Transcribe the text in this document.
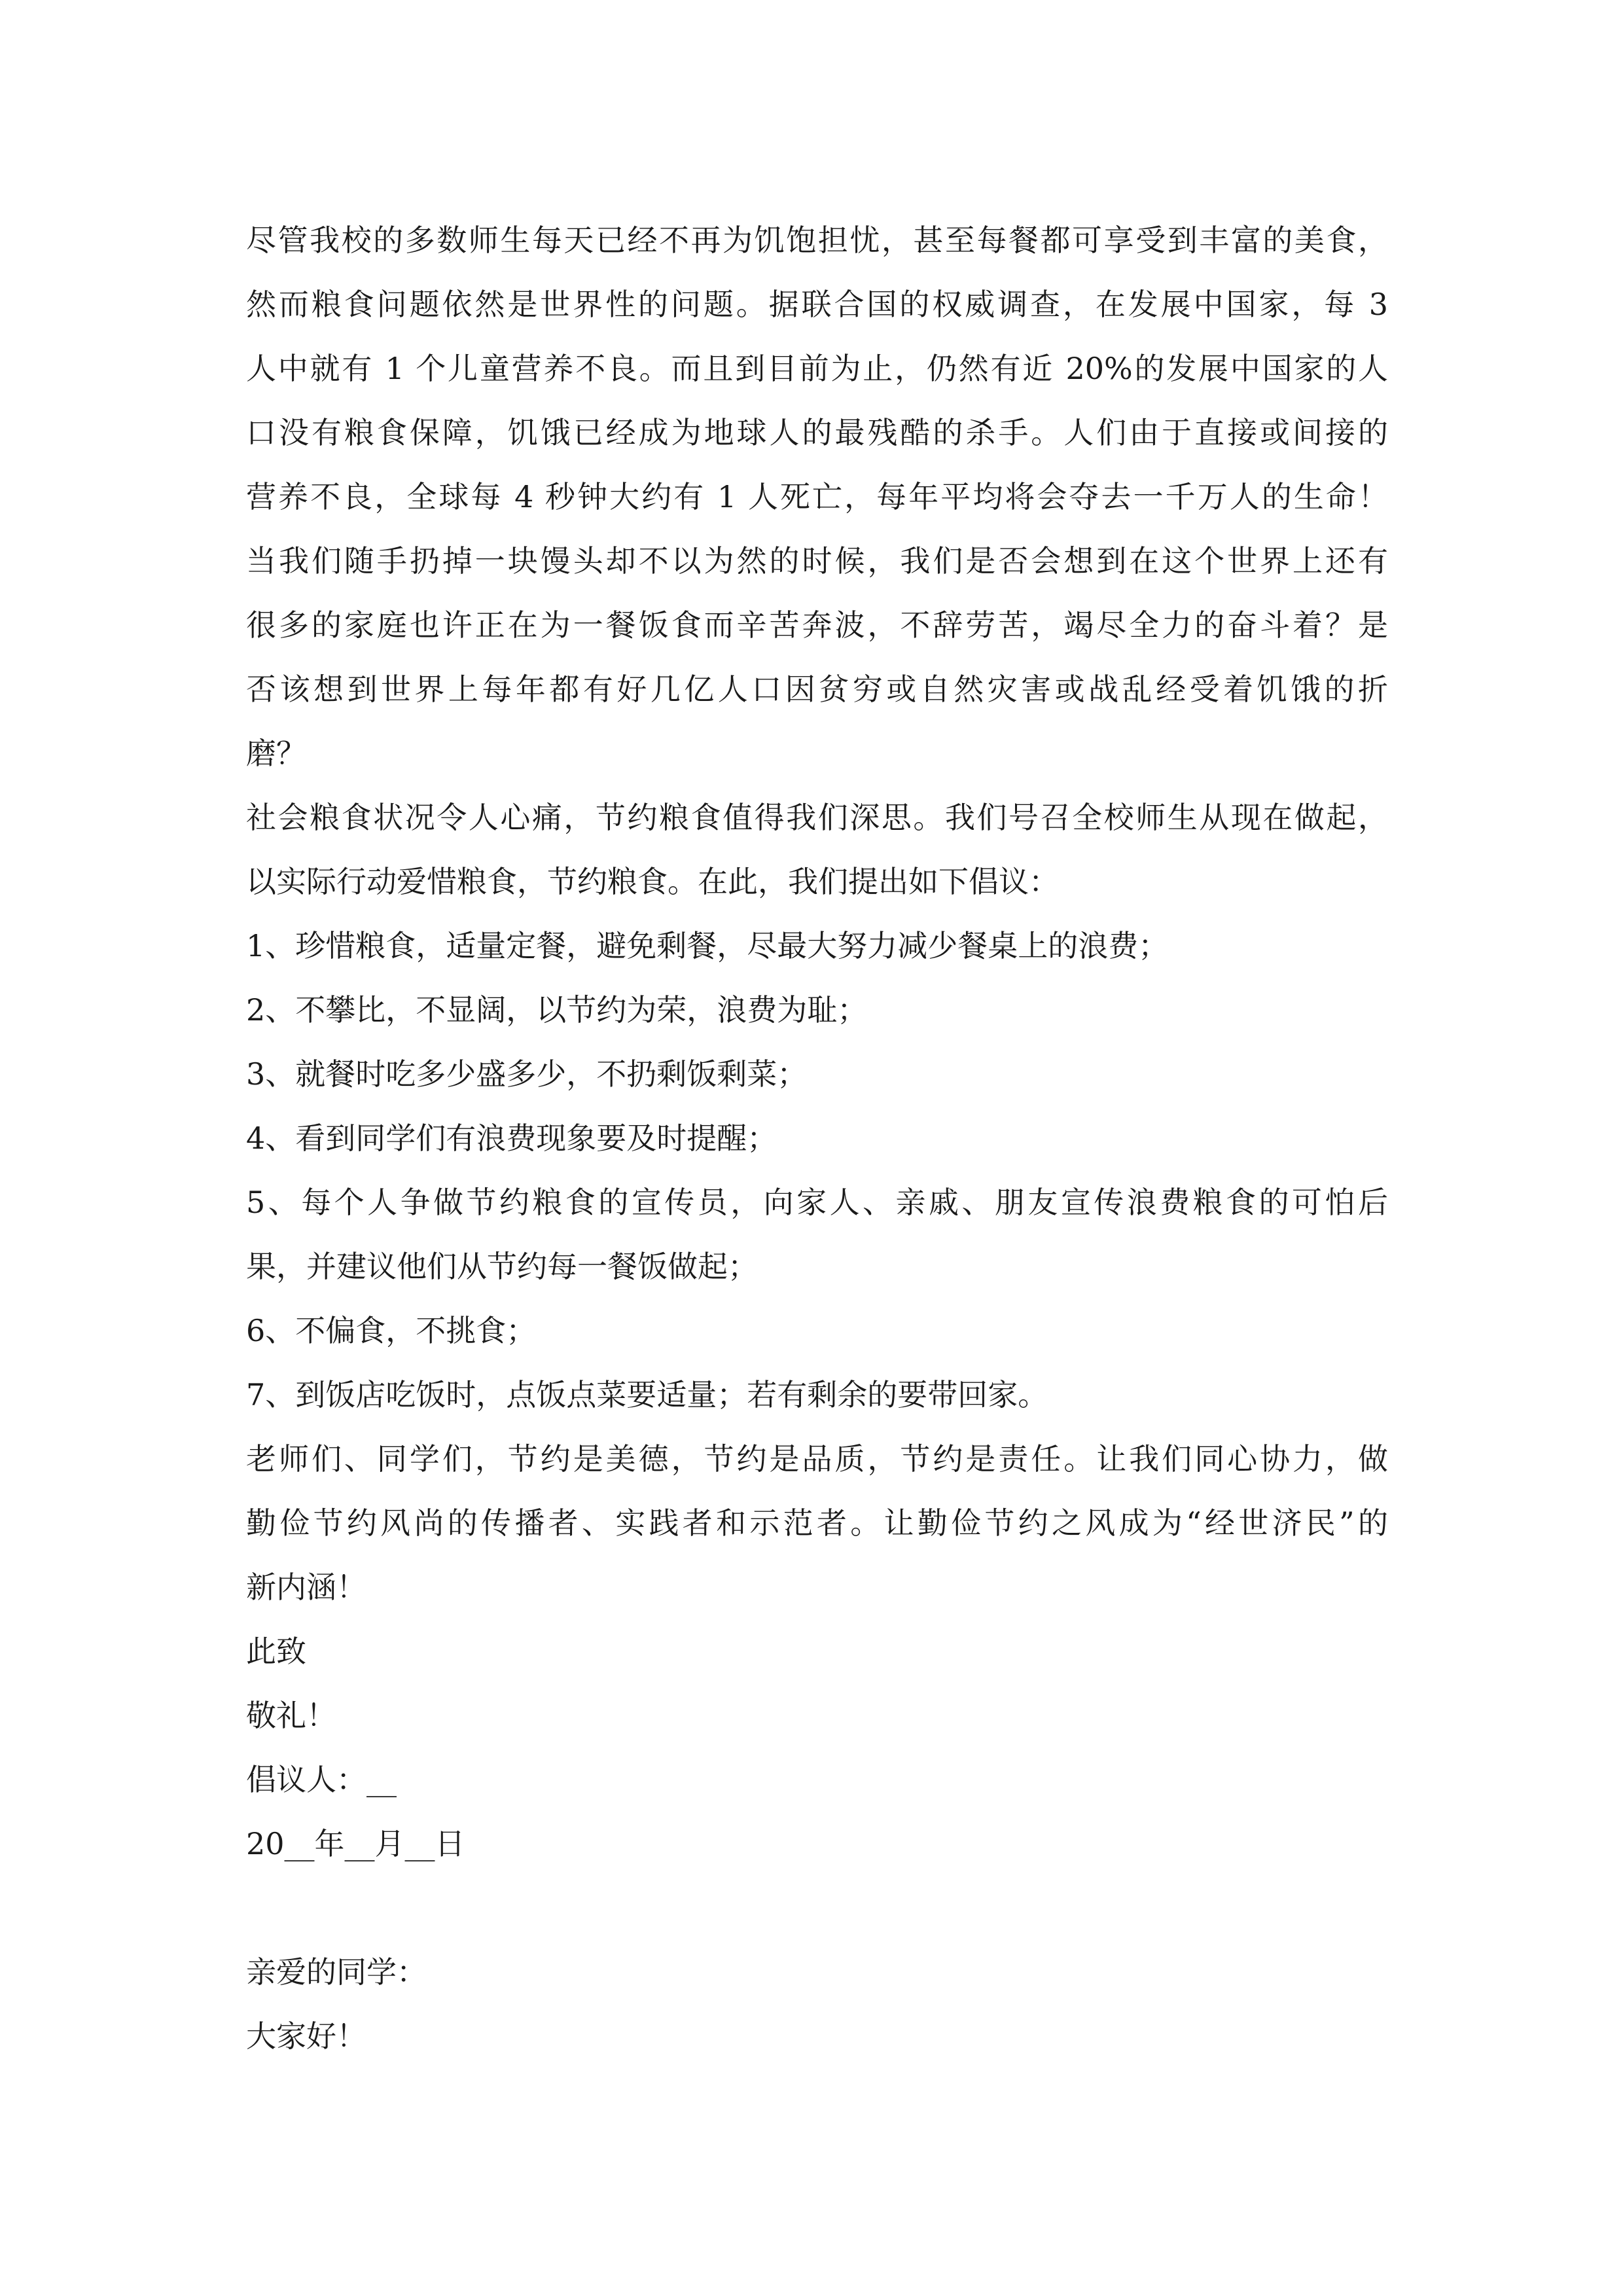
尽管我校的多数师生每天已经不再为饥饱担忧，甚至每餐都可享受到丰富的美食，
然而粮食问题依然是世界性的问题。据联合国的权威调查，在发展中国家，每 3
人中就有 1 个儿童营养不良。而且到目前为止，仍然有近 20%的发展中国家的人
口没有粮食保障，饥饿已经成为地球人的最残酷的杀手。人们由于直接或间接的
营养不良，全球每 4 秒钟大约有 1 人死亡，每年平均将会夺去一千万人的生命！
当我们随手扔掉一块馒头却不以为然的时候，我们是否会想到在这个世界上还有
很多的家庭也许正在为一餐饭食而辛苦奔波，不辞劳苦，竭尽全力的奋斗着？是
否该想到世界上每年都有好几亿人口因贫穷或自然灾害或战乱经受着饥饿的折
磨？
社会粮食状况令人心痛，节约粮食值得我们深思。我们号召全校师生从现在做起，
以实际行动爱惜粮食，节约粮食。在此，我们提出如下倡议：
1、珍惜粮食，适量定餐，避免剩餐，尽最大努力减少餐桌上的浪费；
2、不攀比，不显阔，以节约为荣，浪费为耻；
3、就餐时吃多少盛多少，不扔剩饭剩菜；
4、看到同学们有浪费现象要及时提醒；
5、每个人争做节约粮食的宣传员，向家人、亲戚、朋友宣传浪费粮食的可怕后
果，并建议他们从节约每一餐饭做起；
6、不偏食，不挑食；
7、到饭店吃饭时，点饭点菜要适量；若有剩余的要带回家。
老师们、同学们，节约是美德，节约是品质，节约是责任。让我们同心协力，做
勤俭节约风尚的传播者、实践者和示范者。让勤俭节约之风成为“经世济民”的
新内涵！
此致
敬礼！
倡议人：__
20__年__月__日
亲爱的同学：
大家好！
